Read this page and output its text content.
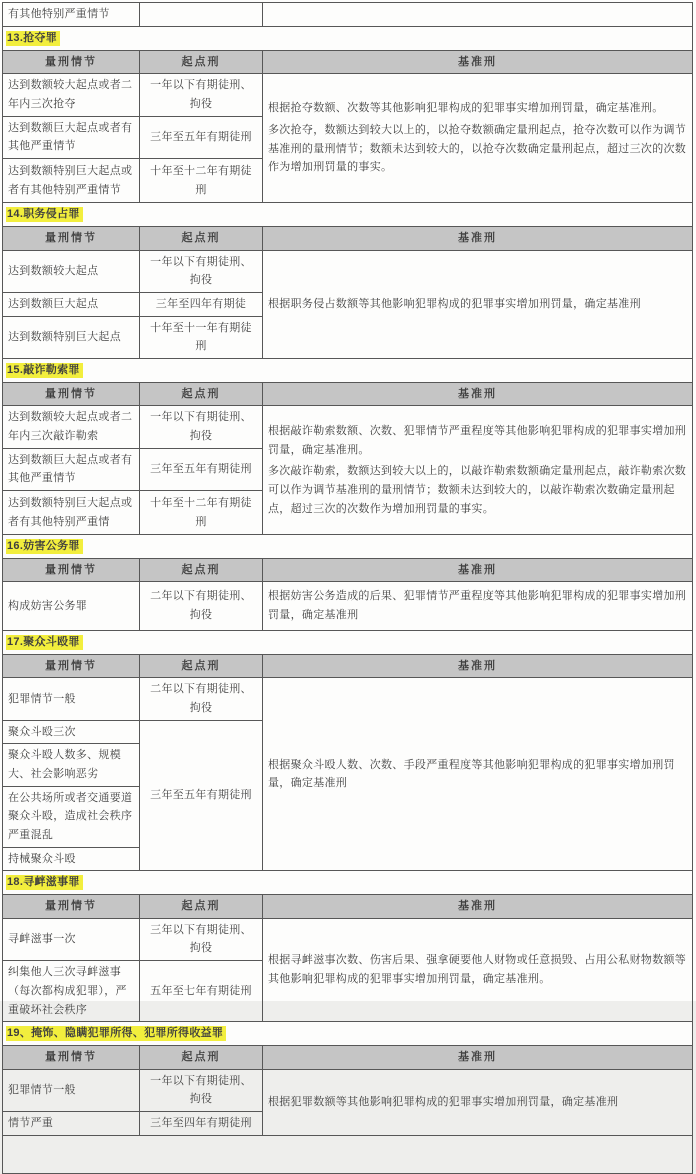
有其他特别严重情节		
13.抢夺罪		
量刑情节	起点刑	基准刑
达到数额较大起点或者二年内三次抢夺	一年以下有期徒刑、拘役	根据抢夺数额、次数等其他影响犯罪构成的犯罪事实增加刑罚量，确定基准刑。

多次抢夺，数额达到较大以上的，以抢夺数额确定量刑起点，抢夺次数可以作为调节基准刑的量刑情节；数额未达到较大的，以抢夺次数确定量刑起点，超过三次的次数作为增加刑罚量的事实。

达到数额巨大起点或者有其他严重情节	三年至五年有期徒刑	
达到数额特别巨大起点或者有其他特别严重情节	十年至十二年有期徒刑	
14.职务侵占罪		
量刑情节	起点刑	基准刑
达到数额较大起点	一年以下有期徒刑、拘役	根据职务侵占数额等其他影响犯罪构成的犯罪事实增加刑罚量，确定基准刑

达到数额巨大起点	三年至四年有期徒	
达到数额特别巨大起点	十年至十一年有期徒刑	
15.敲诈勒索罪		
量刑情节	起点刑	基准刑
达到数额较大起点或者二年内三次敲诈勒索	一年以下有期徒刑、拘役	根据敲诈勒索数额、次数、犯罪情节严重程度等其他影响犯罪构成的犯罪事实增加刑罚量，确定基准刑。

多次敲诈勒索，数额达到较大以上的，以敲诈勒索数额确定量刑起点，敲诈勒索次数可以作为调节基准刑的量刑情节；数额未达到较大的，以敲诈勒索次数确定量刑起点，超过三次的次数作为增加刑罚量的事实。

达到数额巨大起点或者有其他严重情节	三年至五年有期徒刑	
达到数额特别巨大起点或者有其他特别严重情	十年至十二年有期徒刑	
16.妨害公务罪		
量刑情节	起点刑	基准刑
构成妨害公务罪	二年以下有期徒刑、拘役	根据妨害公务造成的后果、犯罪情节严重程度等其他影响犯罪构成的犯罪事实增加刑罚量，确定基准刑

17.聚众斗殴罪		
量刑情节	起点刑	基准刑
犯罪情节一般	二年以下有期徒刑、拘役	根据聚众斗殴人数、次数、手段严重程度等其他影响犯罪构成的犯罪事实增加刑罚量，确定基准刑

聚众斗殴三次	三年至五年有期徒刑	
聚众斗殴人数多、规模大、社会影响恶劣		
在公共场所或者交通要道聚众斗殴，造成社会秩序严重混乱		
持械聚众斗殴		
18.寻衅滋事罪		
量刑情节	起点刑	基准刑
寻衅滋事一次	三年以下有期徒刑、拘役	根据寻衅滋事次数、伤害后果、强拿硬要他人财物或任意损毁、占用公私财物数额等其他影响犯罪构成的犯罪事实增加刑罚量，确定基准刑。

纠集他人三次寻衅滋事（每次都构成犯罪），严重破坏社会秩序	五年至七年有期徒刑	
19、掩饰、隐瞒犯罪所得、犯罪所得收益罪		
量刑情节	起点刑	基准刑
犯罪情节一般	一年以下有期徒刑、拘役	根据犯罪数额等其他影响犯罪构成的犯罪事实增加刑罚量，确定基准刑

情节严重	三年至四年有期徒刑	
